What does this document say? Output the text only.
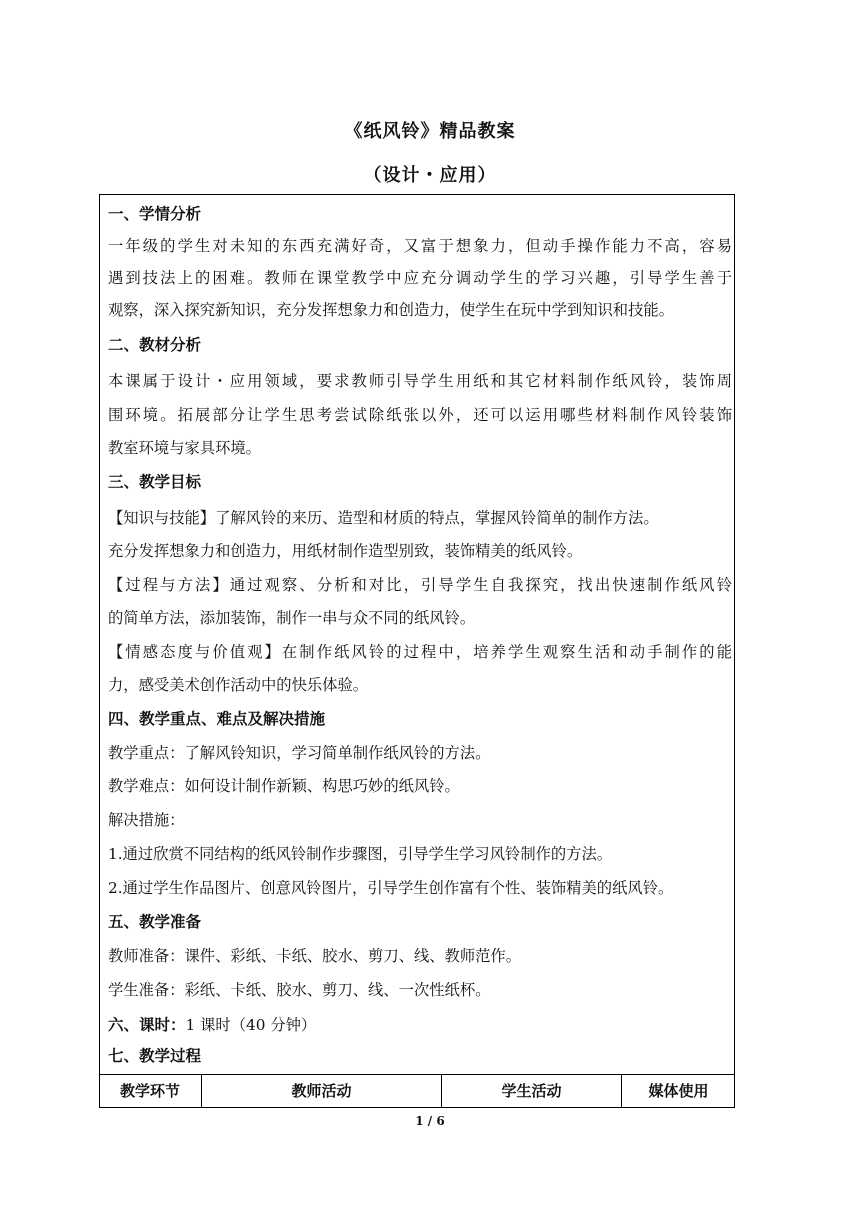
《纸风铃》精品教案
（设计・应用）
一、学情分析
一年级的学生对未知的东西充满好奇，又富于想象力，但动手操作能力不高，容易
遇到技法上的困难。教师在课堂教学中应充分调动学生的学习兴趣，引导学生善于
观察，深入探究新知识，充分发挥想象力和创造力，使学生在玩中学到知识和技能。
二、教材分析
本课属于设计・应用领域，要求教师引导学生用纸和其它材料制作纸风铃，装饰周
围环境。拓展部分让学生思考尝试除纸张以外，还可以运用哪些材料制作风铃装饰
教室环境与家具环境。
三、教学目标
【知识与技能】了解风铃的来历、造型和材质的特点，掌握风铃简单的制作方法。
充分发挥想象力和创造力，用纸材制作造型别致，装饰精美的纸风铃。
【过程与方法】通过观察、分析和对比，引导学生自我探究，找出快速制作纸风铃
的简单方法，添加装饰，制作一串与众不同的纸风铃。
【情感态度与价值观】在制作纸风铃的过程中，培养学生观察生活和动手制作的能
力，感受美术创作活动中的快乐体验。
四、教学重点、难点及解决措施
教学重点：了解风铃知识，学习简单制作纸风铃的方法。
教学难点：如何设计制作新颖、构思巧妙的纸风铃。
解决措施：
1.通过欣赏不同结构的纸风铃制作步骤图，引导学生学习风铃制作的方法。
2.通过学生作品图片、创意风铃图片，引导学生创作富有个性、装饰精美的纸风铃。
五、教学准备
教师准备：课件、彩纸、卡纸、胶水、剪刀、线、教师范作。
学生准备：彩纸、卡纸、胶水、剪刀、线、一次性纸杯。
六、课时：1 课时（40 分钟）
七、教学过程
教学环节	教师活动	学生活动	媒体使用
1 / 6
